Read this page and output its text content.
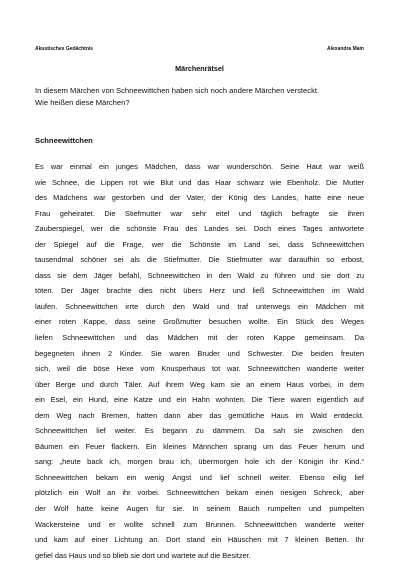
Akustisches Gedächtnis	Alexandra Main
Märchenrätsel
In diesem Märchen von Schneewittchen haben sich noch andere Märchen versteckt.
Wie heißen diese Märchen?
Schneewittchen
Es war einmal ein junges Mädchen, dass war wunderschön. Seine Haut war weiß
wie Schnee, die Lippen rot wie Blut und das Haar schwarz wie Ebenholz. Die Mutter
des Mädchens war gestorben und der Vater, der König des Landes, hatte eine neue
Frau geheiratet. Die Stiefmutter war sehr eitel und täglich befragte sie ihren
Zauberspiegel, wer die schönste Frau des Landes sei. Doch eines Tages antwortete
der Spiegel auf die Frage, wer die Schönste im Land sei, dass Schneewittchen
tausendmal schöner sei als die Stiefmutter. Die Stiefmutter war daraufhin so erbost,
dass sie dem Jäger befahl, Schneewittchen in den Wald zu führen und sie dort zu
töten. Der Jäger brachte dies nicht übers Herz und ließ Schneewittchen im Wald
laufen. Schneewittchen irrte durch den Wald und traf unterwegs ein Mädchen mit
einer roten Kappe, dass seine Großmutter besuchen wollte. Ein Stück des Weges
liefen Schneewittchen und das Mädchen mit der roten Kappe gemeinsam. Da
begegneten ihnen 2 Kinder. Sie waren Bruder und Schwester. Die beiden freuten
sich, weil die böse Hexe vom Knusperhaus tot war. Schneewittchen wanderte weiter
über Berge und durch Täler. Auf ihrem Weg kam sie an einem Haus vorbei, in dem
ein Esel, ein Hund, eine Katze und ein Hahn wohnten. Die Tiere waren eigentlich auf
dem Weg nach Bremen, hatten dann aber das gemütliche Haus im Wald entdeckt.
Schneewittchen lief weiter. Es begann zu dämmern. Da sah sie zwischen den
Bäumen ein Feuer flackern. Ein kleines Männchen sprang um das Feuer herum und
sang: „heute back ich, morgen brau ich, übermorgen hole ich der Königin ihr Kind.“
Schneewittchen bekam ein wenig Angst und lief schnell weiter. Ebenso eilig lief
plötzlich ein Wolf an ihr vorbei. Schneewittchen bekam einen riesigen Schreck, aber
der Wolf hatte keine Augen für sie. In seinem Bauch rumpelten und pumpelten
Wackersteine und er wollte schnell zum Brunnen. Schneewittchen wanderte weiter
und kam auf einer Lichtung an. Dort stand ein Häuschen mit 7 kleinen Betten. Ihr
gefiel das Haus und so blieb sie dort und wartete auf die Besitzer.
